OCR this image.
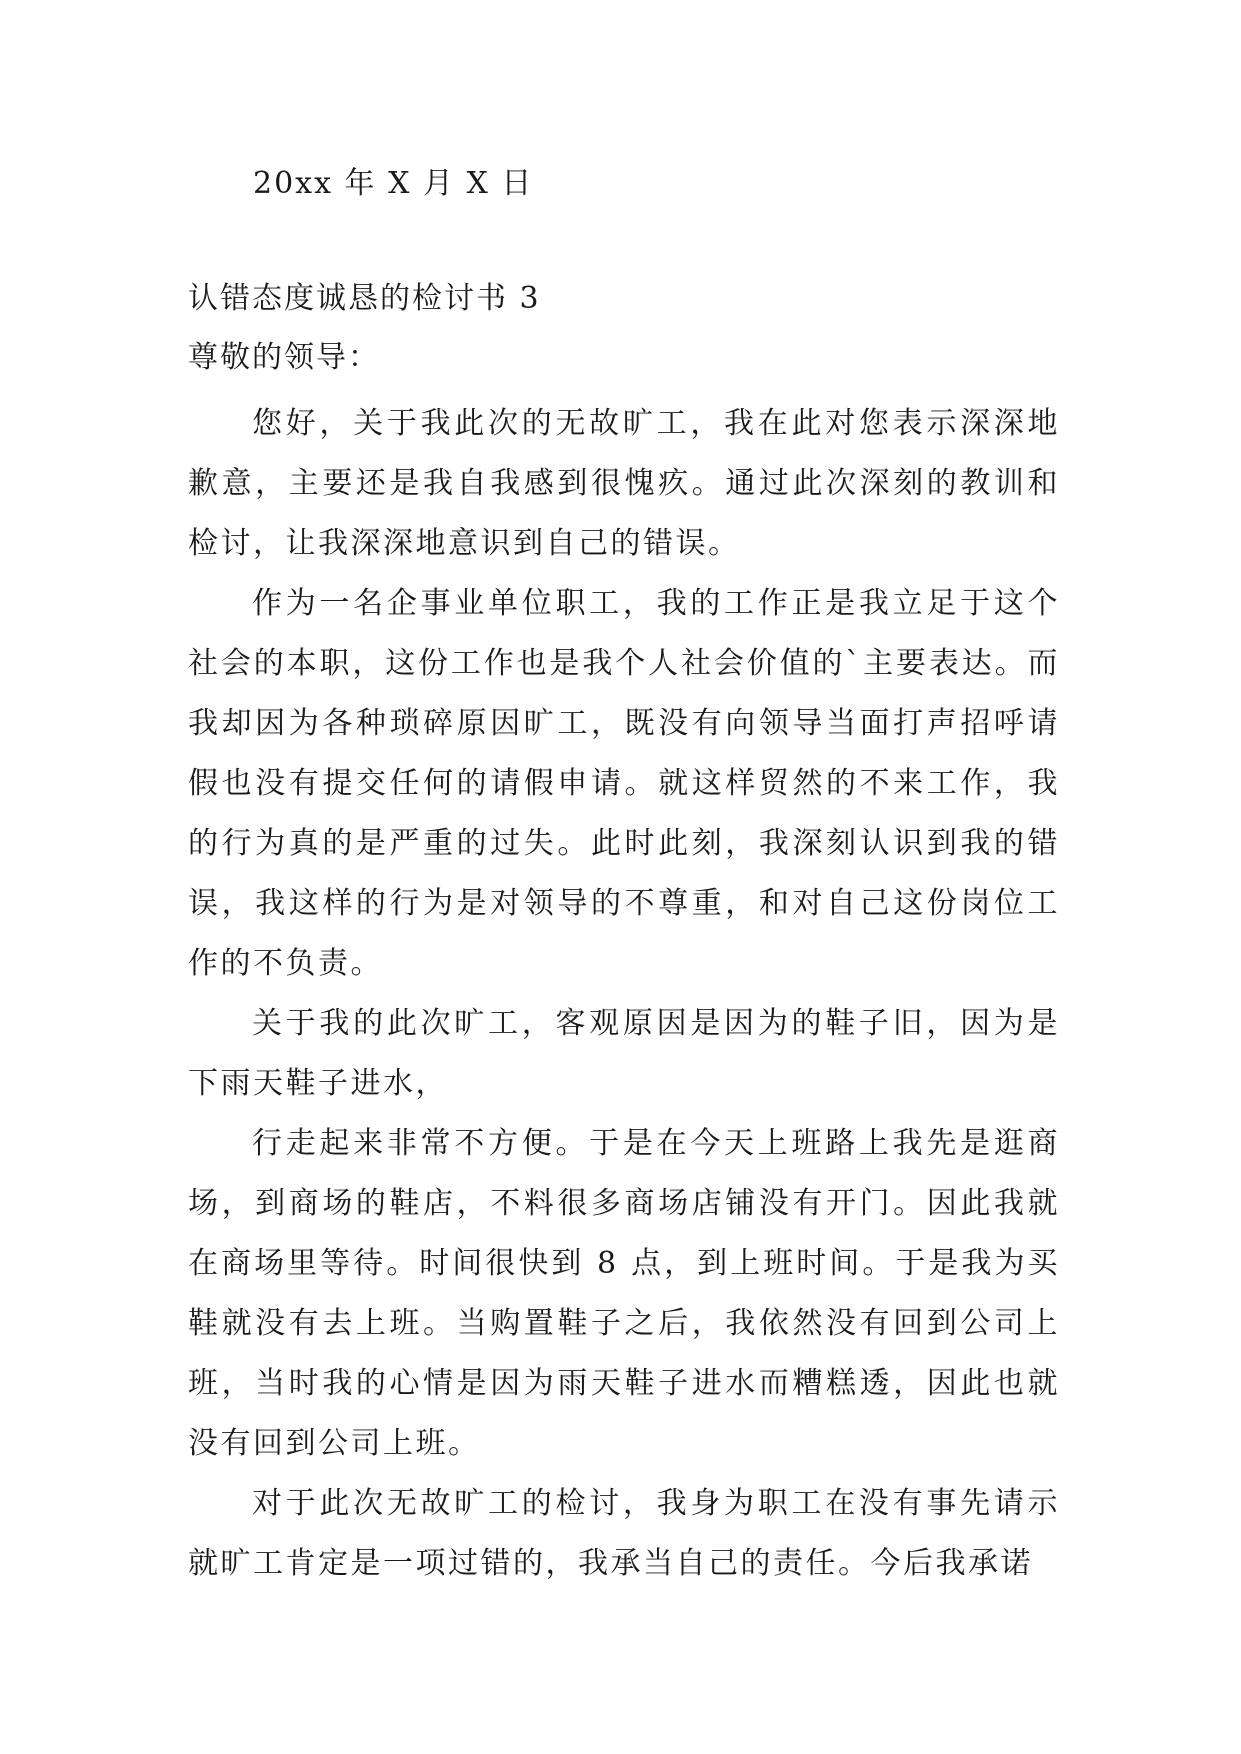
20xx 年 X 月 X 日
认错态度诚恳的检讨书 3
尊敬的领导：

您好，关于我此次的无故旷工，我在此对您表示深深地歉意，主要还是我自我感到很愧疚。通过此次深刻的教训和检讨，让我深深地意识到自己的错误。

作为一名企事业单位职工，我的工作正是我立足于这个社会的本职，这份工作也是我个人社会价值的`主要表达。而我却因为各种琐碎原因旷工，既没有向领导当面打声招呼请假也没有提交任何的请假申请。就这样贸然的不来工作，我的行为真的是严重的过失。此时此刻，我深刻认识到我的错误，我这样的行为是对领导的不尊重，和对自己这份岗位工作的不负责。

关于我的此次旷工，客观原因是因为的鞋子旧，因为是下雨天鞋子进水，

行走起来非常不方便。于是在今天上班路上我先是逛商场，到商场的鞋店，不料很多商场店铺没有开门。因此我就在商场里等待。时间很快到 8 点，到上班时间。于是我为买鞋就没有去上班。当购置鞋子之后，我依然没有回到公司上班，当时我的心情是因为雨天鞋子进水而糟糕透，因此也就没有回到公司上班。

对于此次无故旷工的检讨，我身为职工在没有事先请示就旷工肯定是一项过错的，我承当自己的责任。今后我承诺
